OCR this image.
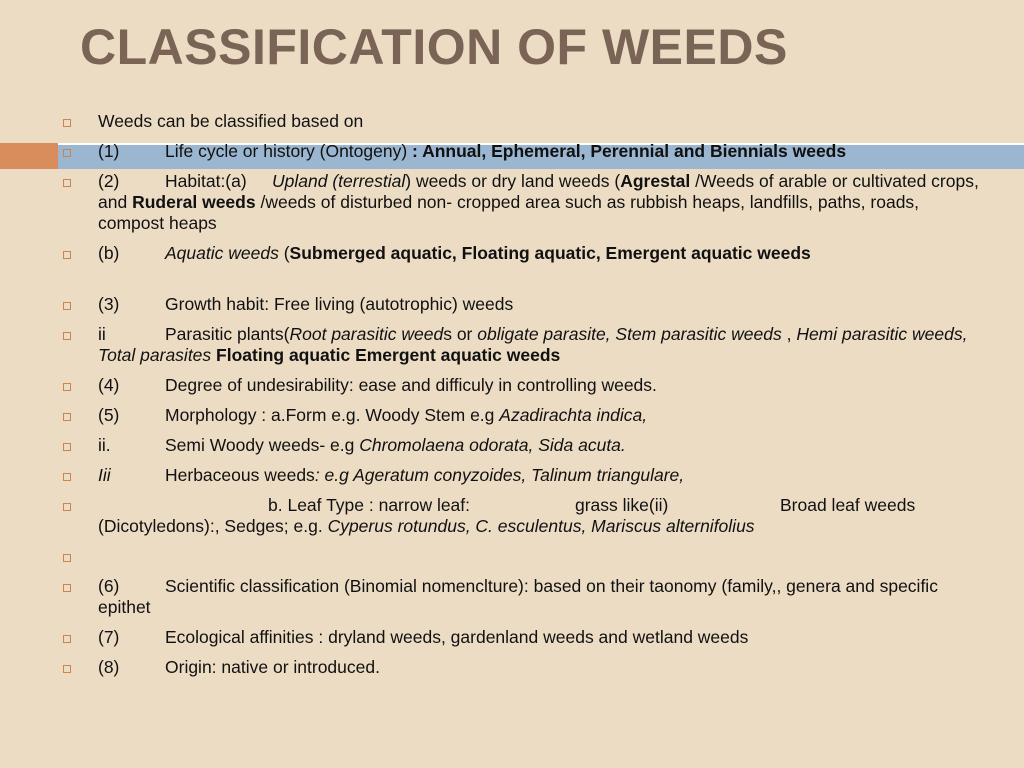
CLASSIFICATION OF WEEDS
Weeds can be classified based on
(1)	Life cycle or history (Ontogeny) : Annual, Ephemeral, Perennial and Biennials weeds
(2)	Habitat:(a) Upland (terrestial) weeds or dry land weeds (Agrestal /Weeds of arable or cultivated crops, and Ruderal weeds /weeds of disturbed non- cropped area such as rubbish heaps, landfills, paths, roads, compost heaps
(b)	Aquatic weeds (Submerged aquatic, Floating aquatic, Emergent aquatic weeds
(3)	Growth habit: Free living (autotrophic) weeds
ii	Parasitic plants(Root parasitic weeds or obligate parasite, Stem parasitic weeds , Hemi parasitic weeds, Total parasites Floating aquatic Emergent aquatic weeds
(4)	Degree of undesirability: ease and difficuly in controlling weeds.
(5)	Morphology : a.Form e.g. Woody Stem e.g Azadirachta indica,
ii.	Semi Woody weeds- e.g Chromolaena odorata, Sida acuta.
Iii	Herbaceous weeds: e.g Ageratum conyzoides, Talinum triangulare,
b. Leaf Type : narrow leaf:	grass like(ii)	Broad leaf weeds (Dicotyledons):, Sedges; e.g. Cyperus rotundus, C. esculentus, Mariscus alternifolius

(6)	Scientific classification (Binomial nomenclture): based on their taonomy (family,, genera and specific epithet
(7)	Ecological affinities : dryland weeds, gardenland weeds and wetland weeds
(8)	Origin: native or introduced.
